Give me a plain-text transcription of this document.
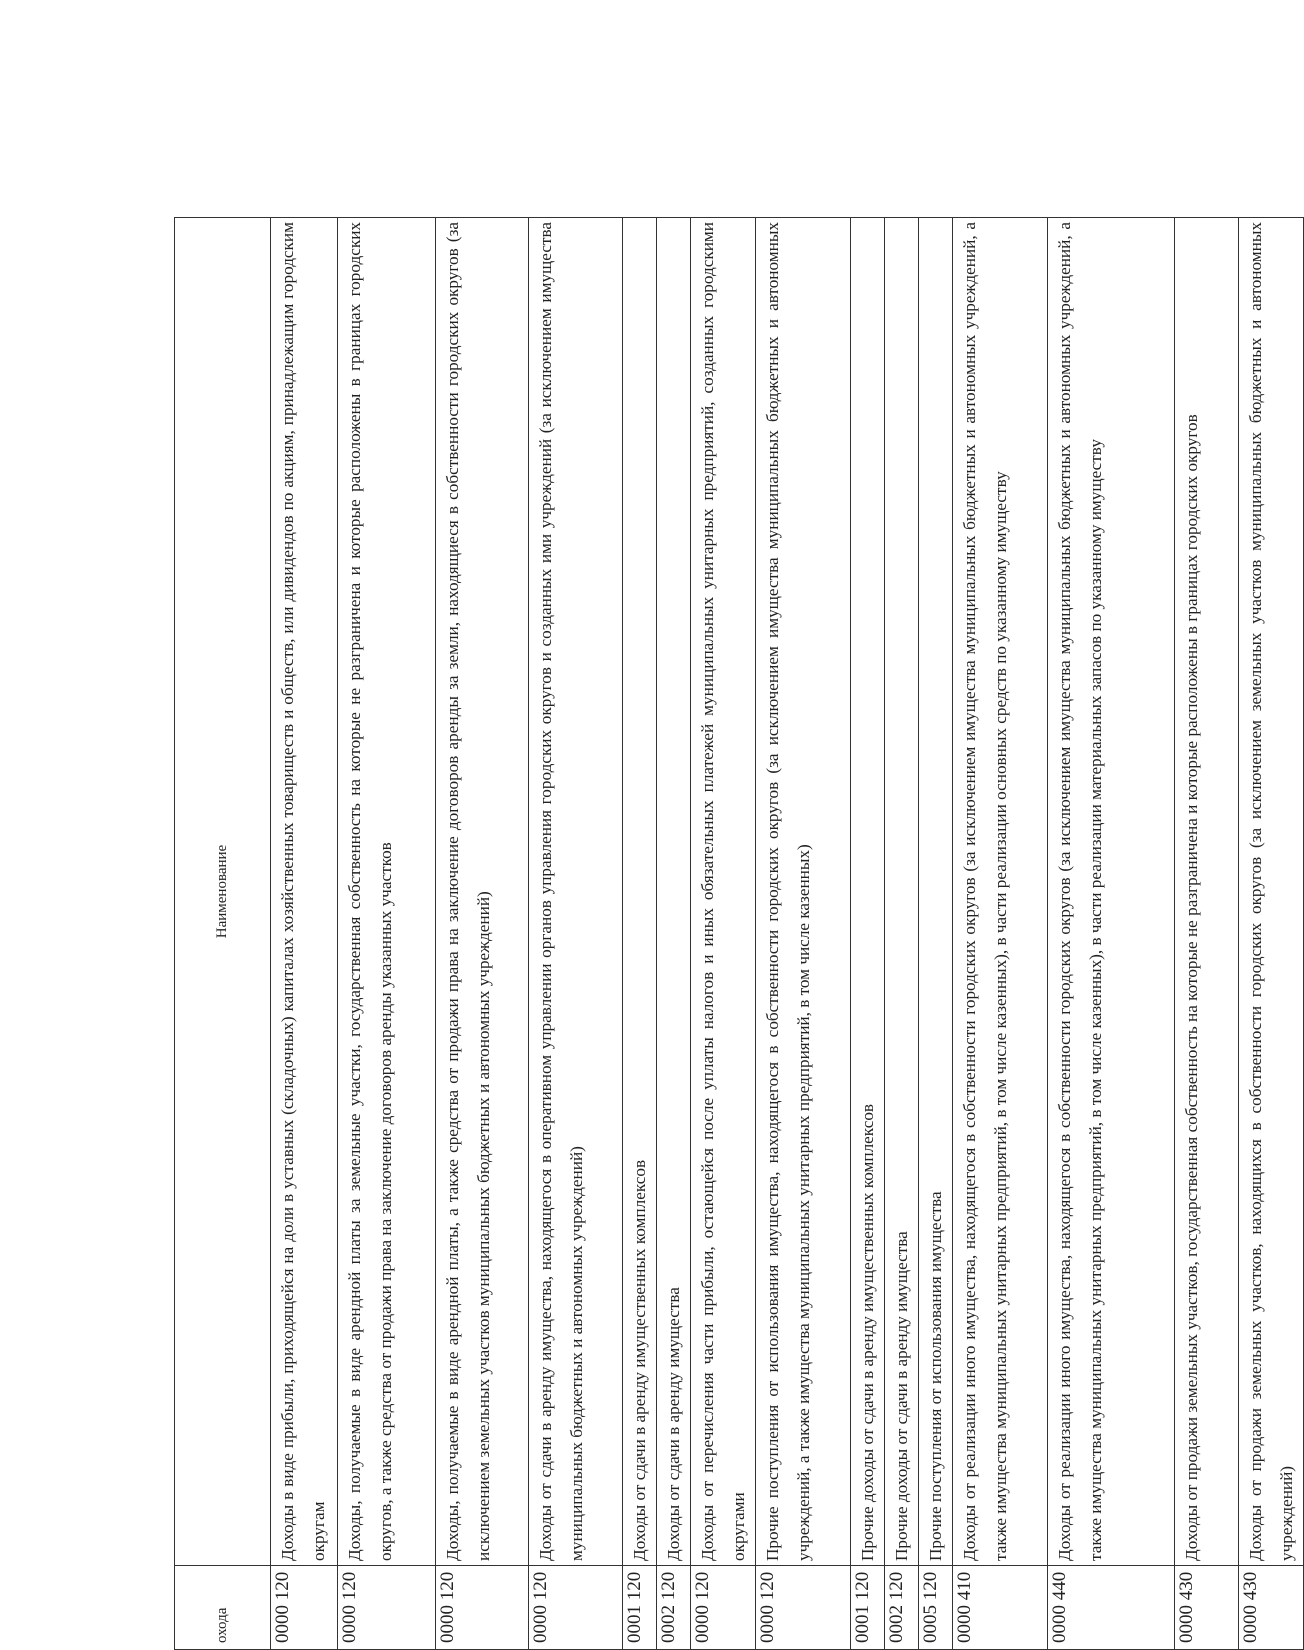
охода	Наименование
0000 120	Доходы в виде прибыли, приходящейся на доли в уставных (складочных) капиталах хозяйственных товариществ и обществ, или дивидендов по акциям, принадлежащим городским округам
0000 120	Доходы, получаемые в виде арендной платы за земельные участки, государственная собственность на которые не разграничена и которые расположены в границах городских округов, а также средства от продажи права на заключение договоров аренды указанных участков
0000 120	Доходы, получаемые в виде арендной платы, а также средства от продажи права на заключение договоров аренды за земли, находящиеся в собственности городских округов (за исключением земельных участков муниципальных бюджетных и автономных учреждений)
0000 120	Доходы от сдачи в аренду имущества, находящегося в оперативном управлении органов управления городских округов и созданных ими учреждений (за исключением имущества муниципальных бюджетных и автономных учреждений)
0001 120	Доходы от сдачи в аренду имущественных комплексов
0002 120	Доходы от сдачи в аренду имущества
0000 120	Доходы от перечисления части прибыли, остающейся после уплаты налогов и иных обязательных платежей муниципальных унитарных предприятий, созданных городскими округами
0000 120	Прочие поступления от использования имущества, находящегося в собственности городских округов (за исключением имущества муниципальных бюджетных и автономных учреждений, а также имущества муниципальных унитарных предприятий, в том числе казенных)
0001 120	Прочие доходы от сдачи в аренду имущественных комплексов
0002 120	Прочие доходы от сдачи в аренду имущества
0005 120	Прочие поступления от использования имущества
0000 410	Доходы от реализации иного имущества, находящегося в собственности городских округов (за исключением имущества муниципальных бюджетных и автономных учреждений, а также имущества муниципальных унитарных предприятий, в том числе казенных), в части реализации основных средств по указанному имуществу
0000 440	Доходы от реализации иного имущества, находящегося в собственности городских округов (за исключением имущества муниципальных бюджетных и автономных учреждений, а также имущества муниципальных унитарных предприятий, в том числе казенных), в части реализации материальных запасов по указанному имуществу
0000 430	Доходы от продажи земельных участков, государственная собственность на которые не разграничена и которые расположены в границах городских округов
0000 430	Доходы от продажи земельных участков, находящихся в собственности городских округов (за исключением земельных участков муниципальных бюджетных и автономных учреждений)
